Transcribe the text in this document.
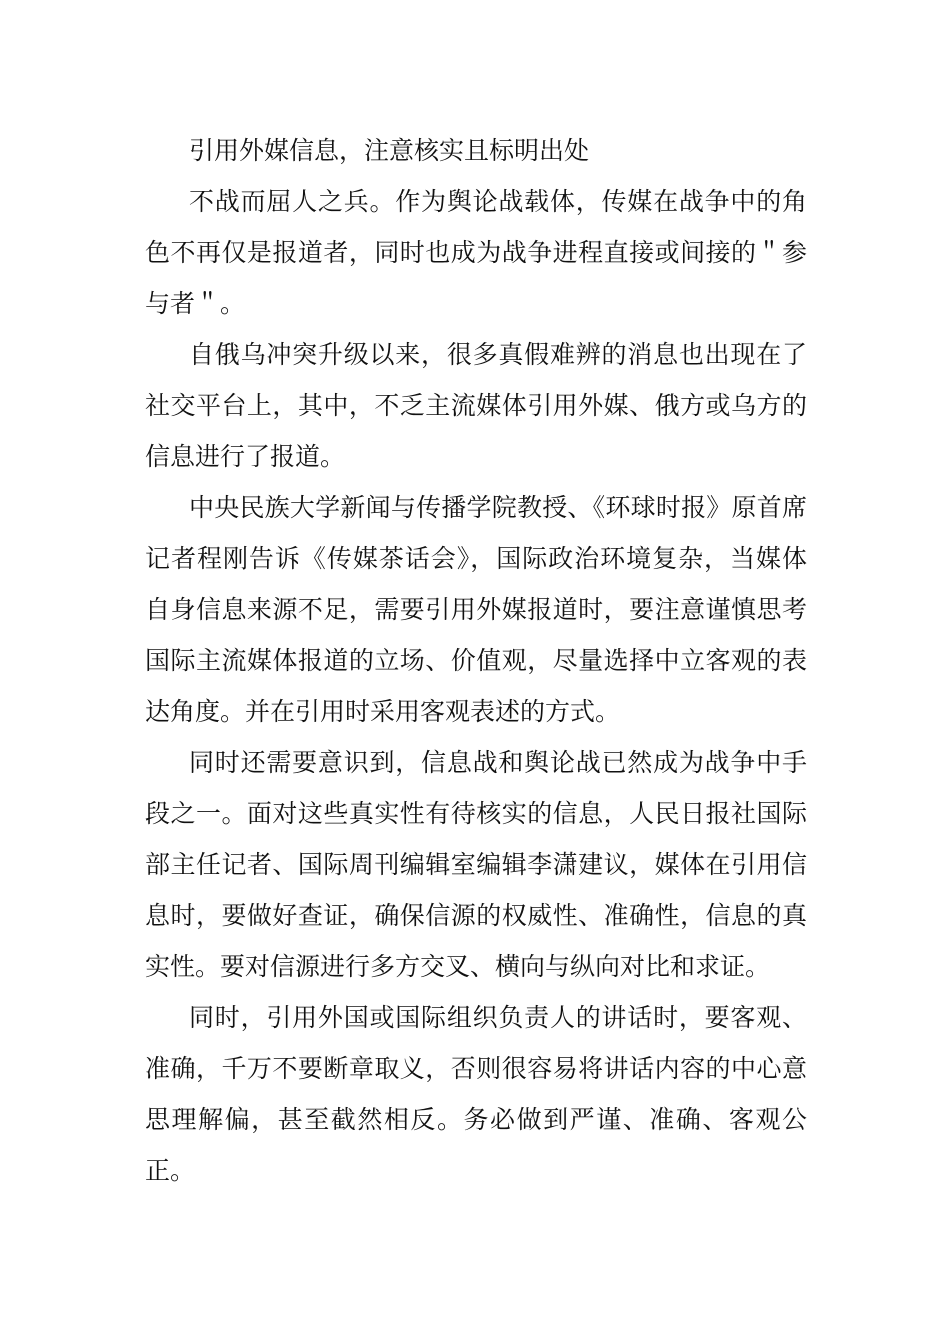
引用外媒信息，注意核实且标明出处

不战而屈人之兵。作为舆论战载体，传媒在战争中的角色不再仅是报道者，同时也成为战争进程直接或间接的＂参与者＂。

自俄乌冲突升级以来，很多真假难辨的消息也出现在了社交平台上，其中，不乏主流媒体引用外媒、俄方或乌方的信息进行了报道。

中央民族大学新闻与传播学院教授、《环球时报》原首席记者程刚告诉《传媒茶话会》，国际政治环境复杂，当媒体自身信息来源不足，需要引用外媒报道时，要注意谨慎思考国际主流媒体报道的立场、价值观，尽量选择中立客观的表达角度。并在引用时采用客观表述的方式。

同时还需要意识到，信息战和舆论战已然成为战争中手段之一。面对这些真实性有待核实的信息，人民日报社国际部主任记者、国际周刊编辑室编辑李潇建议，媒体在引用信息时，要做好查证，确保信源的权威性、准确性，信息的真实性。要对信源进行多方交叉、横向与纵向对比和求证。

同时，引用外国或国际组织负责人的讲话时，要客观、准确，千万不要断章取义，否则很容易将讲话内容的中心意思理解偏，甚至截然相反。务必做到严谨、准确、客观公正。
